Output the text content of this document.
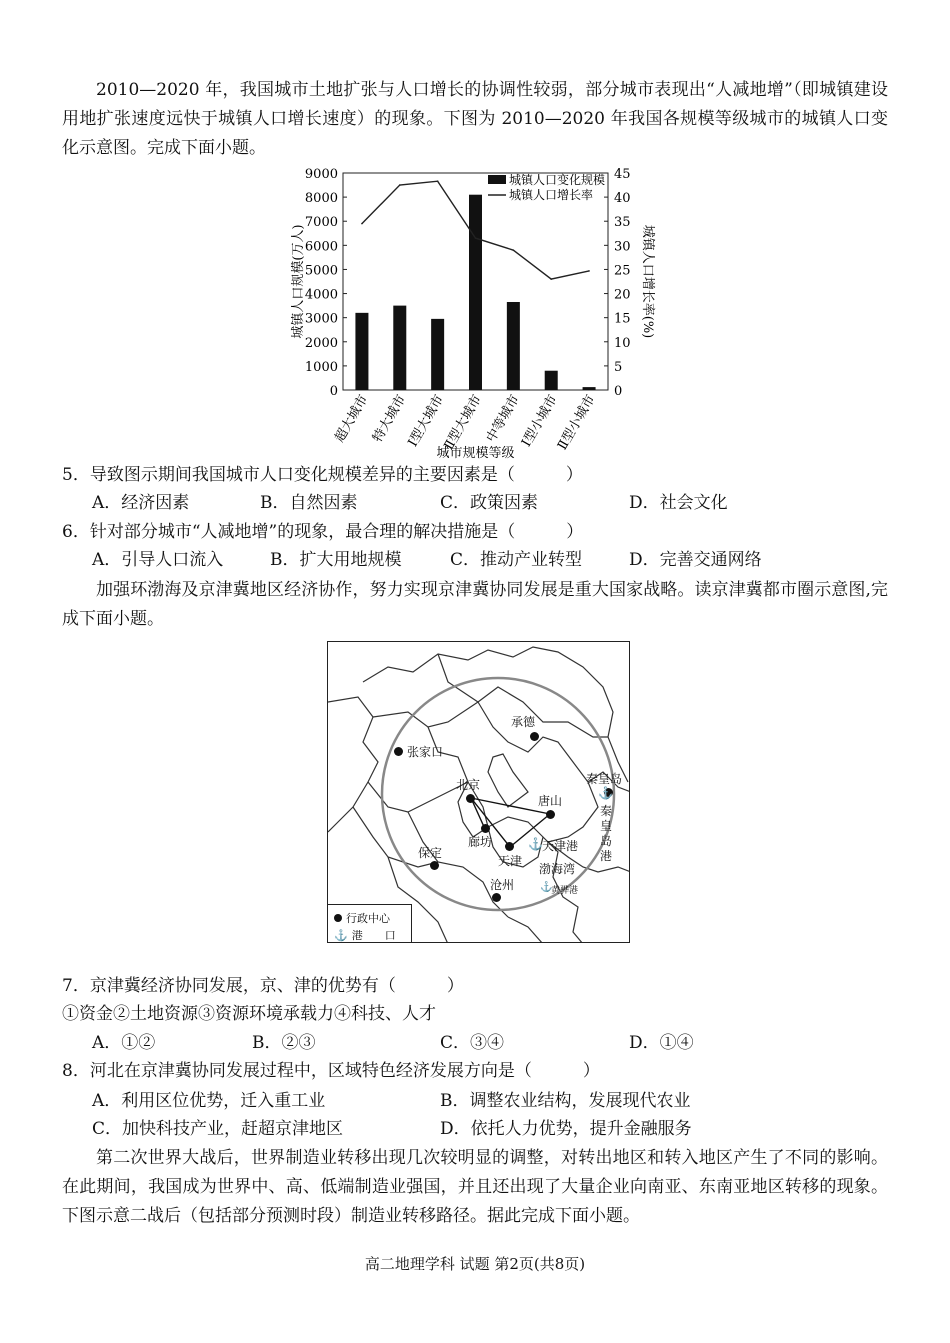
2010—2020 年，我国城市土地扩张与人口增长的协调性较弱，部分城市表现出“人减地增”（即城镇建设用地扩张速度远快于城镇人口增长速度）的现象。下图为 2010—2020 年我国各规模等级城市的城镇人口变化示意图。完成下面小题。

0
1000
2000
3000
4000
5000
6000
7000
8000
9000
0
5
10
15
20
25
30
35
40
45
超大城市
特大城市
Ⅰ型大城市
Ⅱ型大城市
中等城市
Ⅰ型小城市
Ⅱ型小城市
城镇人口规模(万人)	城镇人口增长率(%)
城市规模等级
城镇人口变化规模
城镇人口增长率
5．导致图示期间我国城市人口变化规模差异的主要因素是（　　　）
A．经济因素	B．自然因素	C．政策因素	D．社会文化
6．针对部分城市“人减地增”的现象，最合理的解决措施是（　　　）
A．引导人口流入	B．扩大用地规模	C．推动产业转型	D．完善交通网络

加强环渤海及京津冀地区经济协作，努力实现京津冀协同发展是重大国家战略。读京津冀都市圈示意图,完成下面小题。

承德
张家口
北京
唐山
秦皇岛
⚓
秦皇岛港
廊坊
保定
天津
⚓ 天津港
渤海湾
沧州	⚓
黄骅港
行政中心
⚓ 港　　口
7．京津冀经济协同发展，京、津的优势有（　　　）
①资金②土地资源③资源环境承载力④科技、人才
A．①②	B．②③	C．③④	D．①④
8．河北在京津冀协同发展过程中，区域特色经济发展方向是（　　　）
A．利用区位优势，迁入重工业	B．调整农业结构，发展现代农业
C．加快科技产业，赶超京津地区	D．依托人力优势，提升金融服务

第二次世界大战后，世界制造业转移出现几次较明显的调整，对转出地区和转入地区产生了不同的影响。在此期间，我国成为世界中、高、低端制造业强国，并且还出现了大量企业向南亚、东南亚地区转移的现象。下图示意二战后（包括部分预测时段）制造业转移路径。据此完成下面小题。

高二地理学科 试题 第2页(共8页)
